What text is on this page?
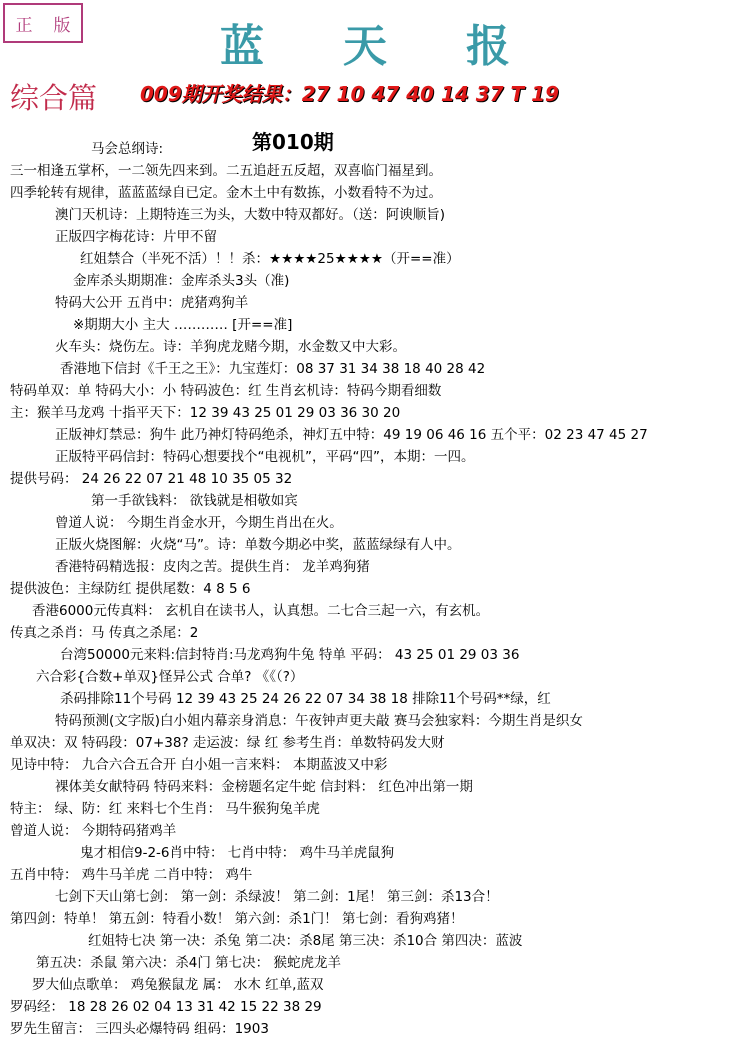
正 版	蓝 天 报
综合篇 009期开奖结果：27 10 47 40 14 37 T 19
第010期
马会总纲诗:
三一相逢五掌杯，一二领先四来到。二五追赶五反超，双喜临门福星到。
四季轮转有规律，蓝蓝蓝绿自已定。金木土中有数拣，小数看特不为过。
澳门天机诗：上期特连三为头，大数中特双都好。（送：阿谀顺旨)
正版四字梅花诗：片甲不留
红姐禁合（半死不活）！！杀：★★★★25★★★★（开==准）
金库杀头期期准：金库杀头3头（准)
特码大公开 五肖中：虎猪鸡狗羊
※期期大小 主大 ………… [开==准]
火车头：烧伤左。诗：羊狗虎龙赌今期，水金数又中大彩。
香港地下信封《千王之王》：九宝莲灯：08 37 31 34 38 18 40 28 42
特码单双：单 特码大小：小 特码波色：红 生肖玄机诗：特码今期看细数
主：猴羊马龙鸡 十指平天下：12 39 43 25 01 29 03 36 30 20
正版神灯禁忌：狗牛 此乃神灯特码绝杀，神灯五中特：49 19 06 46 16 五个平：02 23 47 45 27
正版特平码信封：特码心想要找个“电视机”，平码“四”，本期：一四。
提供号码： 24 26 22 07 21 48 10 35 05 32
第一手欲钱料： 欲钱就是相敬如宾
曾道人说： 今期生肖金水开，今期生肖出在火。
正版火烧图解：火烧“马”。诗：单数今期必中奖，蓝蓝绿绿有人中。
香港特码精选报：皮肉之苦。提供生肖： 龙羊鸡狗猪
提供波色：主绿防红 提供尾数：4 8 5 6
香港6000元传真料： 玄机自在读书人，认真想。二七合三起一六，有玄机。
传真之杀肖：马 传真之杀尾：2
台湾50000元来料:信封特肖:马龙鸡狗牛兔 特单 平码： 43 25 01 29 03 36
六合彩{合数+单双}怪异公式 合单? 《《（?）
杀码排除11个号码 12 39 43 25 24 26 22 07 34 38 18 排除11个号码**绿，红
特码预测(文字版)白小姐内幕亲身消息：午夜钟声更夫敲 赛马会独家料：今期生肖是织女
单双决：双 特码段：07+38? 走运波：绿 红 参考生肖：单数特码发大财
见诗中特： 九合六合五合开 白小姐一言来料： 本期蓝波又中彩
裸体美女献特码 特码来料：金榜题名定牛蛇 信封料： 红色冲出第一期
特主： 绿、防：红 来料七个生肖： 马牛猴狗兔羊虎
曾道人说： 今期特码猪鸡羊
鬼才相信9-2-6肖中特： 七肖中特： 鸡牛马羊虎鼠狗
五肖中特： 鸡牛马羊虎 二肖中特： 鸡牛
七剑下天山第七剑： 第一剑：杀绿波！ 第二剑：1尾！ 第三剑：杀13合！
第四剑：特单！ 第五剑：特看小数！ 第六剑：杀1门！ 第七剑：看狗鸡猪！
红姐特七决 第一决：杀兔 第二决：杀8尾 第三决：杀10合 第四决：蓝波
第五决：杀鼠 第六决：杀4门 第七决： 猴蛇虎龙羊
罗大仙点歌单： 鸡兔猴鼠龙 属： 水木 红单,蓝双
罗码经： 18 28 26 02 04 13 31 42 15 22 38 29
罗先生留言： 三四头必爆特码 组码：1903
